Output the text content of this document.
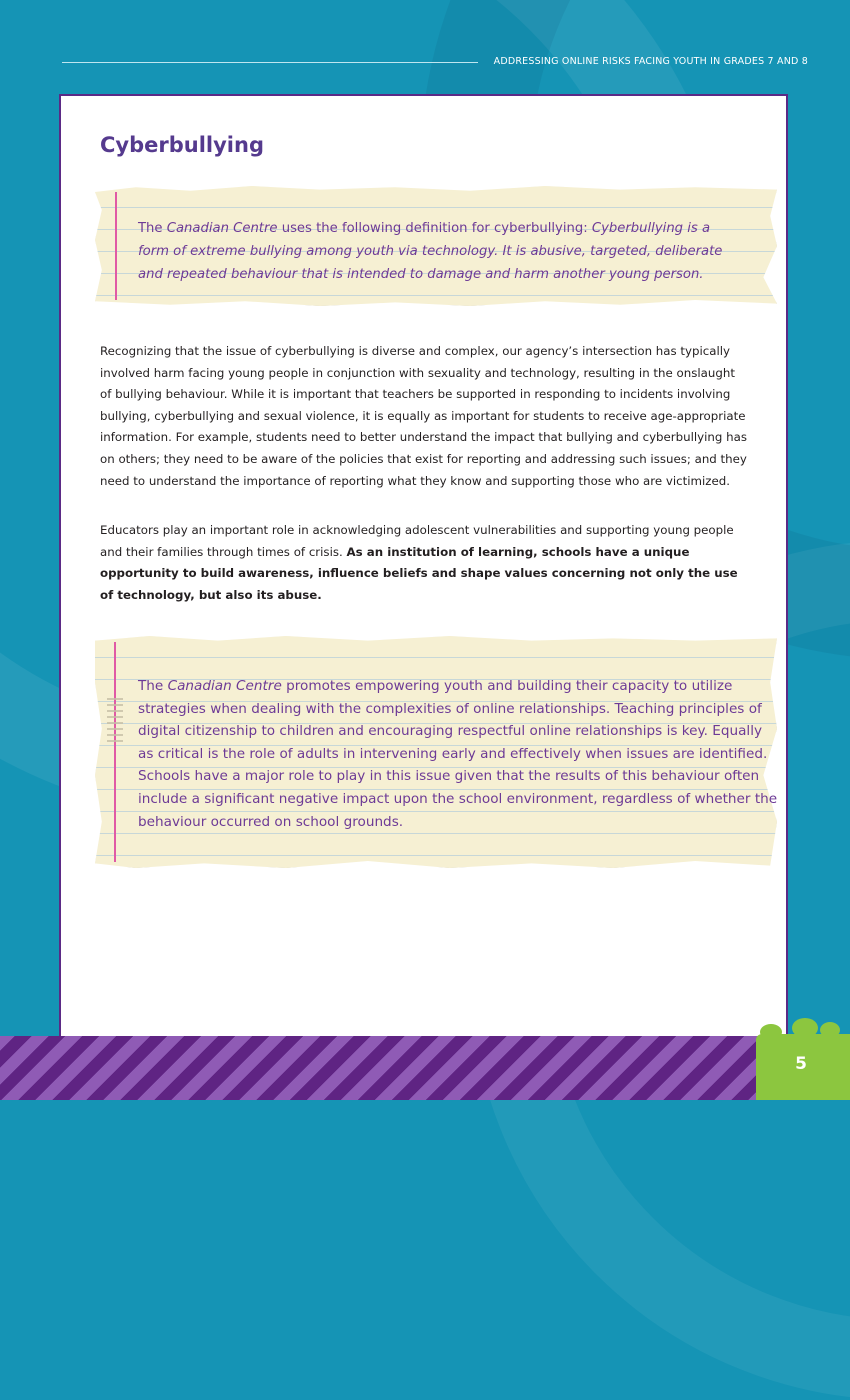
ADDRESSING ONLINE RISKS FACING YOUTH IN GRADES 7 AND 8
Cyberbullying

The Canadian Centre uses the following definition for cyberbullying: Cyberbullying is a form of extreme bullying among youth via technology. It is abusive, targeted, deliberate and repeated behaviour that is intended to damage and harm another young person.

Recognizing that the issue of cyberbullying is diverse and complex, our agency’s intersection has typically involved harm facing young people in conjunction with sexuality and technology, resulting in the onslaught of bullying behaviour. While it is important that teachers be supported in responding to incidents involving bullying, cyberbullying and sexual violence, it is equally as important for students to receive age-appropriate information. For example, students need to better understand the impact that bullying and cyberbullying has on others; they need to be aware of the policies that exist for reporting and addressing such issues; and they need to understand the importance of reporting what they know and supporting those who are victimized.

Educators play an important role in acknowledging adolescent vulnerabilities and supporting young people and their families through times of crisis. As an institution of learning, schools have a unique opportunity to build awareness, influence beliefs and shape values concerning not only the use of technology, but also its abuse.

The Canadian Centre promotes empowering youth and building their capacity to utilize strategies when dealing with the complexities of online relationships. Teaching principles of digital citizenship to children and encouraging respectful online relationships is key. Equally as critical is the role of adults in intervening early and effectively when issues are identified. Schools have a major role to play in this issue given that the results of this behaviour often include a significant negative impact upon the school environment, regardless of whether the behaviour occurred on school grounds.

5
